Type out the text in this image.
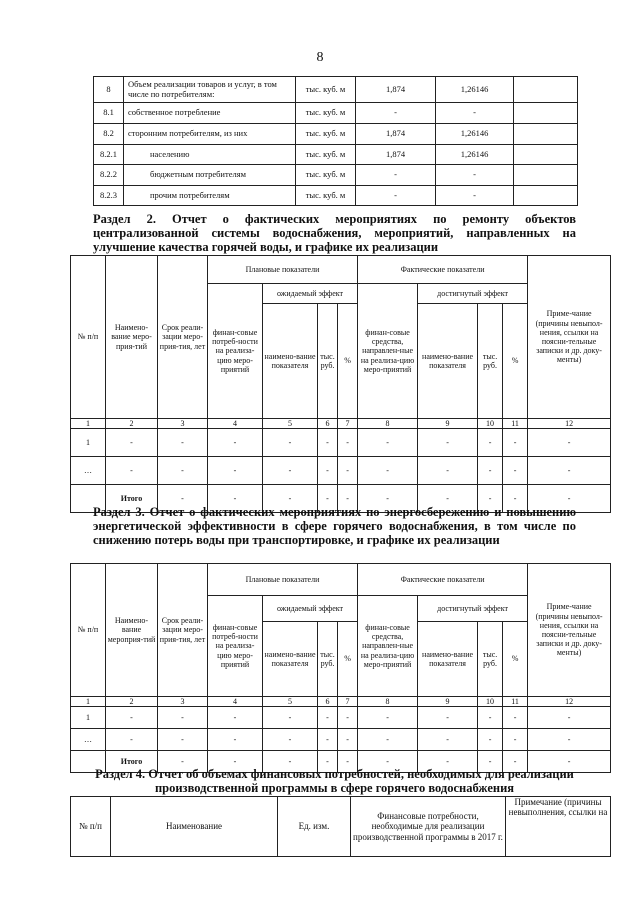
8
8	Объем реализации товаров и услуг, в том числе по потребителям:	тыс. куб. м	1,874	1,26146	
8.1	собственное потребление	тыс. куб. м	-	-	
8.2	сторонним потребителям, из них	тыс. куб. м	1,874	1,26146	
8.2.1	населению	тыс. куб. м	1,874	1,26146	
8.2.2	бюджетным потребителям	тыс. куб. м	-	-	
8.2.3	прочим потребителям	тыс. куб. м	-	-	
Раздел 2. Отчет о фактических мероприятиях по ремонту объектов централизованной системы водоснабжения, мероприятий, направленных на улучшение качества горячей воды, и графике их реализации
№ п/п	Наимено-вание меро-прия-тий	Срок реали-зации меро-прия-тия, лет	Плановые показатели				Фактические показатели				Приме-чание (причины невыпол-нения, ссылки на поясни-тельные записки и др. доку-менты)
			финан-совые потреб-ности на реализа-цию меро-приятий	ожидаемый эффект			финан-совые средства, направлен-ные на реализа-цию меро-приятий	достигнутый эффект			
				наимено-вание показателя	тыс. руб.	%		наимено-вание показателя	тыс. руб.	%	

1	2	3	4	5	6	7	8	9	10	11	12
1	-	-	-	-	-	-	-	-	-	-	-
…	-	-	-	-	-	-	-	-	-	-	-
	Итого	-	-	-	-	-	-	-	-	-	-
Раздел 3. Отчет о фактических мероприятиях по энергосбережению и повышению энергетической эффективности в сфере горячего водоснабжения, в том числе по снижению потерь воды при транспортировке, и графике их реализации
№ п/п	Наимено-вание мероприя-тий	Срок реали-зации меро-прия-тия, лет	Плановые показатели				Фактические показатели				Приме-чание (причины невыпол-нения, ссылки на поясни-тельные записки и др. доку-менты)
			финан-совые потреб-ности на реализа-цию меро-приятий	ожидаемый эффект			финан-совые средства, направлен-ные на реализа-цию меро-приятий	достигнутый эффект			
				наимено-вание показателя	тыс. руб.	%		наимено-вание показателя	тыс. руб.	%	

1	2	3	4	5	6	7	8	9	10	11	12
1	-	-	-	-	-	-	-	-	-	-	-
…	-	-	-	-	-	-	-	-	-	-	-
	Итого	-	-	-	-	-	-	-	-	-	-
Раздел 4. Отчет об объемах финансовых потребностей, необходимых для реализации производственной программы в сфере горячего водоснабжения
№ п/п	Наименование	Ед. изм.	Финансовые потребности, необходимые для реализации производственной программы в 2017 г.	Примечание (причины невыполнения, ссылки на
